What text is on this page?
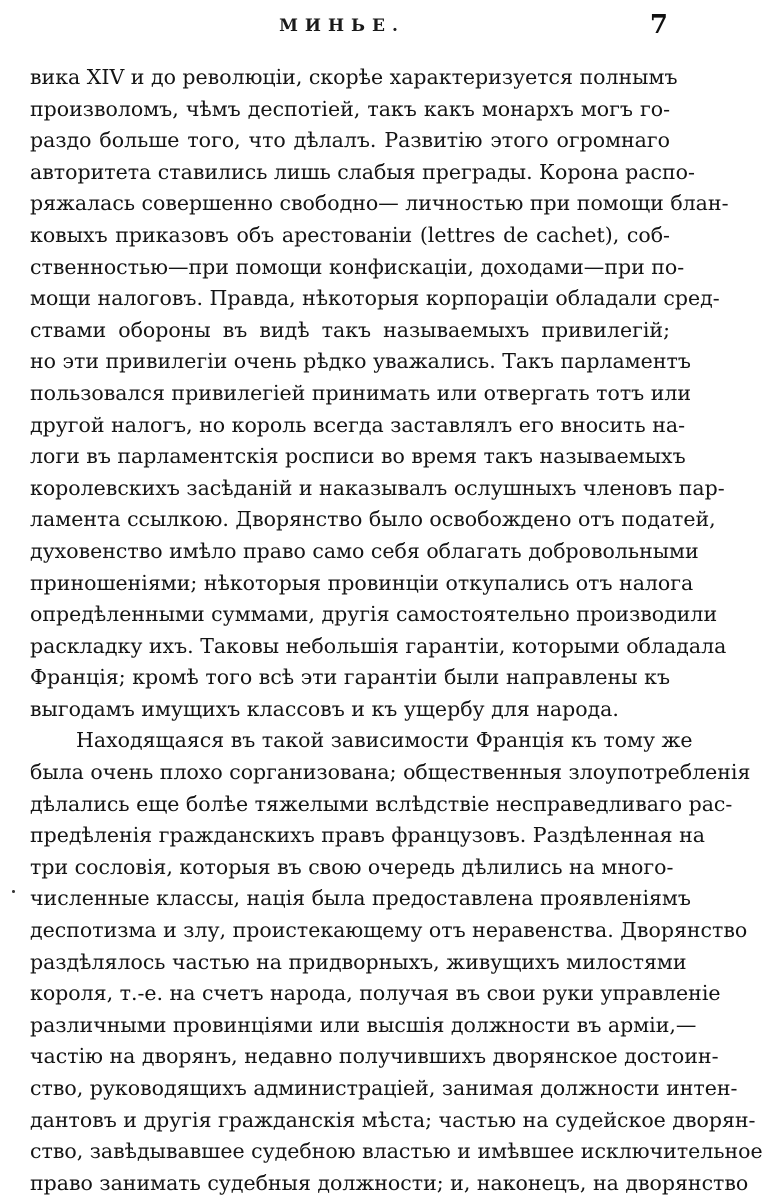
МИНЬЕ.	7
вика XIV и до революціи, скорѣе характеризуется полнымъ
произволомъ, чѣмъ деспотіей, такъ какъ монархъ могъ го-
раздо больше того, что дѣлалъ. Развитію этого огромнаго
авторитета ставились лишь слабыя преграды. Корона распо-
ряжалась совершенно свободно— личностью при помощи блан-
ковыхъ приказовъ объ арестованіи (lettres de cachet), соб-
ственностью—при помощи конфискаціи, доходами—при по-
мощи налоговъ. Правда, нѣкоторыя корпораціи обладали сред-
ствами обороны въ видѣ такъ называемыхъ привилегій;
но эти привилегіи очень рѣдко уважались. Такъ парламентъ
пользовался привилегіей принимать или отвергать тотъ или
другой налогъ, но король всегда заставлялъ его вносить на-
логи въ парламентскія росписи во время такъ называемыхъ
королевскихъ засѣданій и наказывалъ ослушныхъ членовъ пар-
ламента ссылкою. Дворянство было освобождено отъ податей,
духовенство имѣло право само себя облагать добровольными
приношеніями; нѣкоторыя провинціи откупались отъ налога
опредѣленными суммами, другія самостоятельно производили
раскладку ихъ. Таковы небольшія гарантіи, которыми обладала
Франція; кромѣ того всѣ эти гарантіи были направлены къ
выгодамъ имущихъ классовъ и къ ущербу для народа.
Находящаяся въ такой зависимости Франція къ тому же
была очень плохо сорганизована; общественныя злоупотребленія
дѣлались еще болѣе тяжелыми вслѣдствіе несправедливаго рас-
предѣленія гражданскихъ правъ французовъ. Раздѣленная на
три сословія, которыя въ свою очередь дѣлились на много-
численные классы, нація была предоставлена проявленіямъ
деспотизма и злу, проистекающему отъ неравенства. Дворянство
раздѣлялось частью на придворныхъ, живущихъ милостями
короля, т.-е. на счетъ народа, получая въ свои руки управленіе
различными провинціями или высшія должности въ арміи,—
частію на дворянъ, недавно получившихъ дворянское достоин-
ство, руководящихъ администраціей, занимая должности интен-
дантовъ и другія гражданскія мѣста; частью на судейское дворян-
ство, завѣдывавшее судебною властью и имѣвшее исключительное
право занимать судебныя должности; и, наконецъ, на дворянство
